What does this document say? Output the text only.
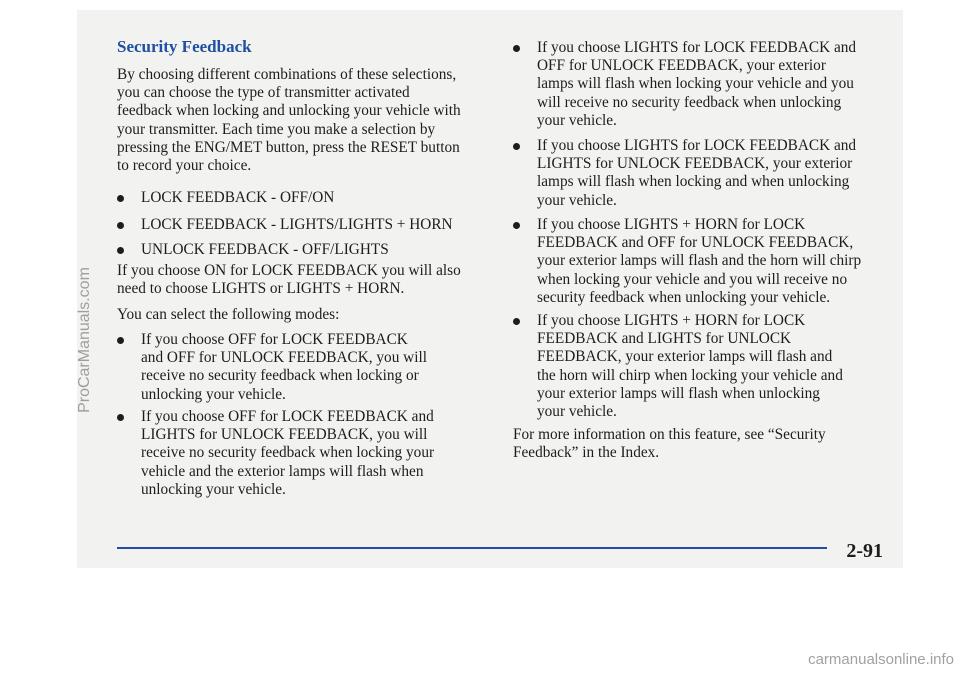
Security Feedback
By choosing different combinations of these selections,
you can choose the type of transmitter activated
feedback when locking and unlocking your vehicle with
your transmitter. Each time you make a selection by
pressing the ENG/MET button, press the RESET button
to record your choice.
LOCK FEEDBACK - OFF/ON
LOCK FEEDBACK - LIGHTS/LIGHTS + HORN
UNLOCK FEEDBACK - OFF/LIGHTS
If you choose ON for LOCK FEEDBACK you will also
need to choose LIGHTS or LIGHTS + HORN.
You can select the following modes:
If you choose OFF for LOCK FEEDBACK
and OFF for UNLOCK FEEDBACK, you will
receive no security feedback when locking or
unlocking your vehicle.
If you choose OFF for LOCK FEEDBACK and
LIGHTS for UNLOCK FEEDBACK, you will
receive no security feedback when locking your
vehicle and the exterior lamps will flash when
unlocking your vehicle.
If you choose LIGHTS for LOCK FEEDBACK and
OFF for UNLOCK FEEDBACK, your exterior
lamps will flash when locking your vehicle and you
will receive no security feedback when unlocking
your vehicle.
If you choose LIGHTS for LOCK FEEDBACK and
LIGHTS for UNLOCK FEEDBACK, your exterior
lamps will flash when locking and when unlocking
your vehicle.
If you choose LIGHTS + HORN for LOCK
FEEDBACK and OFF for UNLOCK FEEDBACK,
your exterior lamps will flash and the horn will chirp
when locking your vehicle and you will receive no
security feedback when unlocking your vehicle.
If you choose LIGHTS + HORN for LOCK
FEEDBACK and LIGHTS for UNLOCK
FEEDBACK, your exterior lamps will flash and
the horn will chirp when locking your vehicle and
your exterior lamps will flash when unlocking
your vehicle.
For more information on this feature, see “Security
Feedback” in the Index.
2-91
ProCarManuals.com
carmanualsonline.info
